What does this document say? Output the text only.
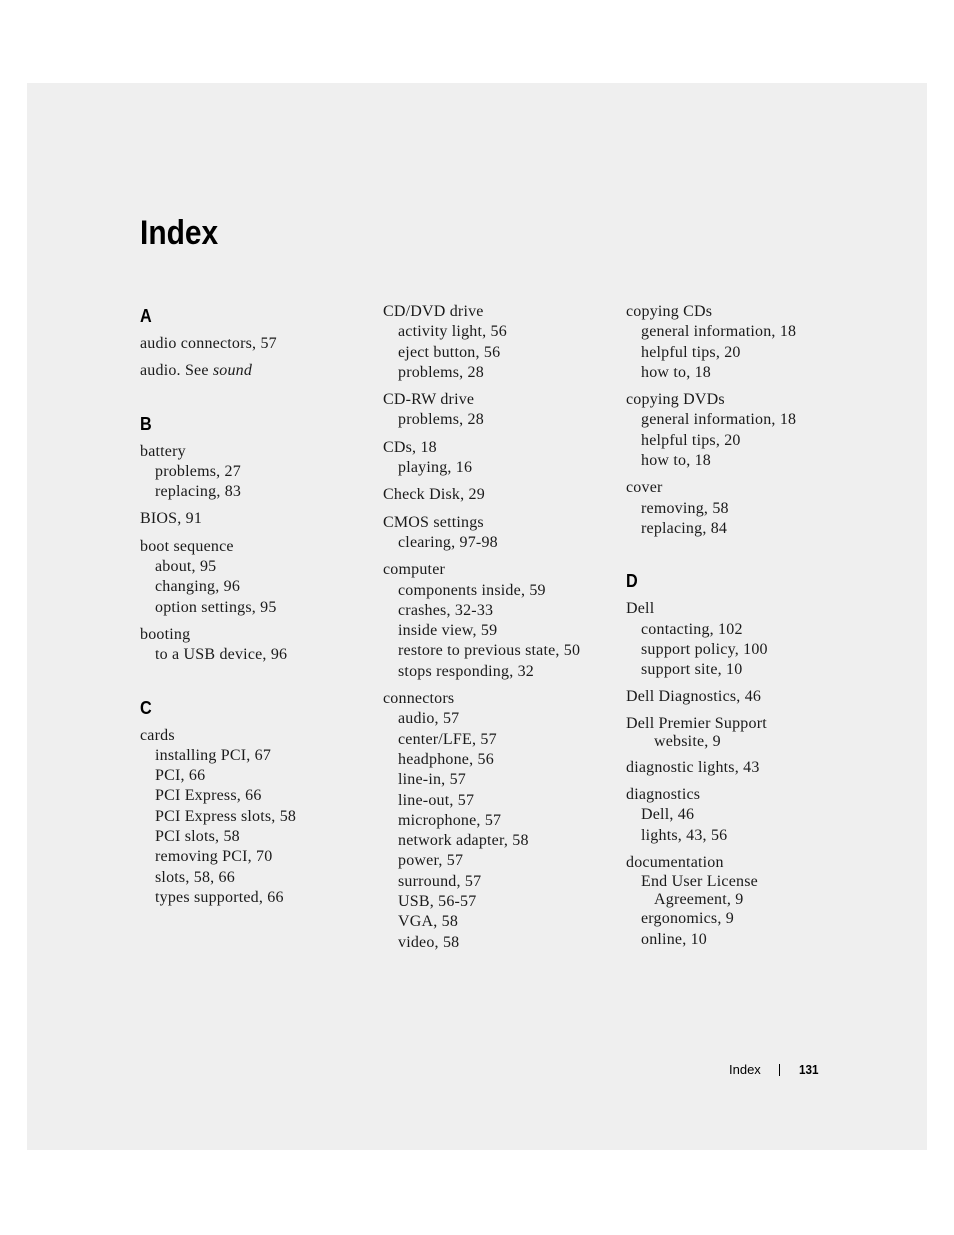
Index
A
audio connectors, 57
audio. See sound
B
battery
problems, 27
replacing, 83
BIOS, 91
boot sequence
about, 95
changing, 96
option settings, 95
booting
to a USB device, 96
C
cards
installing PCI, 67
PCI, 66
PCI Express, 66
PCI Express slots, 58
PCI slots, 58
removing PCI, 70
slots, 58, 66
types supported, 66
CD/DVD drive
activity light, 56
eject button, 56
problems, 28
CD-RW drive
problems, 28
CDs, 18
playing, 16
Check Disk, 29
CMOS settings
clearing, 97-98
computer
components inside, 59
crashes, 32-33
inside view, 59
restore to previous state, 50
stops responding, 32
connectors
audio, 57
center/LFE, 57
headphone, 56
line-in, 57
line-out, 57
microphone, 57
network adapter, 58
power, 57
surround, 57
USB, 56-57
VGA, 58
video, 58
copying CDs
general information, 18
helpful tips, 20
how to, 18
copying DVDs
general information, 18
helpful tips, 20
how to, 18
cover
removing, 58
replacing, 84
D
Dell
contacting, 102
support policy, 100
support site, 10
Dell Diagnostics, 46
Dell Premier Support
website, 9
diagnostic lights, 43
diagnostics
Dell, 46
lights, 43, 56
documentation
End User License
Agreement, 9
ergonomics, 9
online, 10
Index	131
